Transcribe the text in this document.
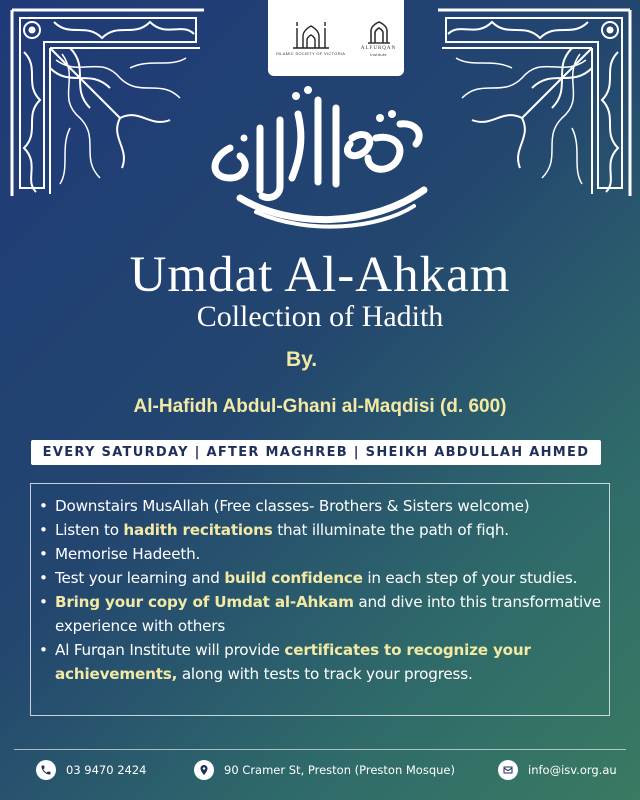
ISLAMIC SOCIETY OF VICTORIA
ALFURQAN
Institute
Umdat Al-Ahkam
Collection of Hadith
By.
Al-Hafidh Abdul-Ghani al-Maqdisi (d. 600)
EVERY SATURDAY | AFTER MAGHREB | SHEIKH ABDULLAH AHMED
• Downstairs MusAllah (Free classes- Brothers & Sisters welcome)
• Listen to hadith recitations that illuminate the path of fiqh.
• Memorise Hadeeth.
• Test your learning and build confidence in each step of your studies.
• Bring your copy of Umdat al-Ahkam and dive into this transformative experience with others
• Al Furqan Institute will provide certificates to recognize your achievements, along with tests to track your progress.
03 9470 2424	90 Cramer St, Preston (Preston Mosque)	info@isv.org.au
